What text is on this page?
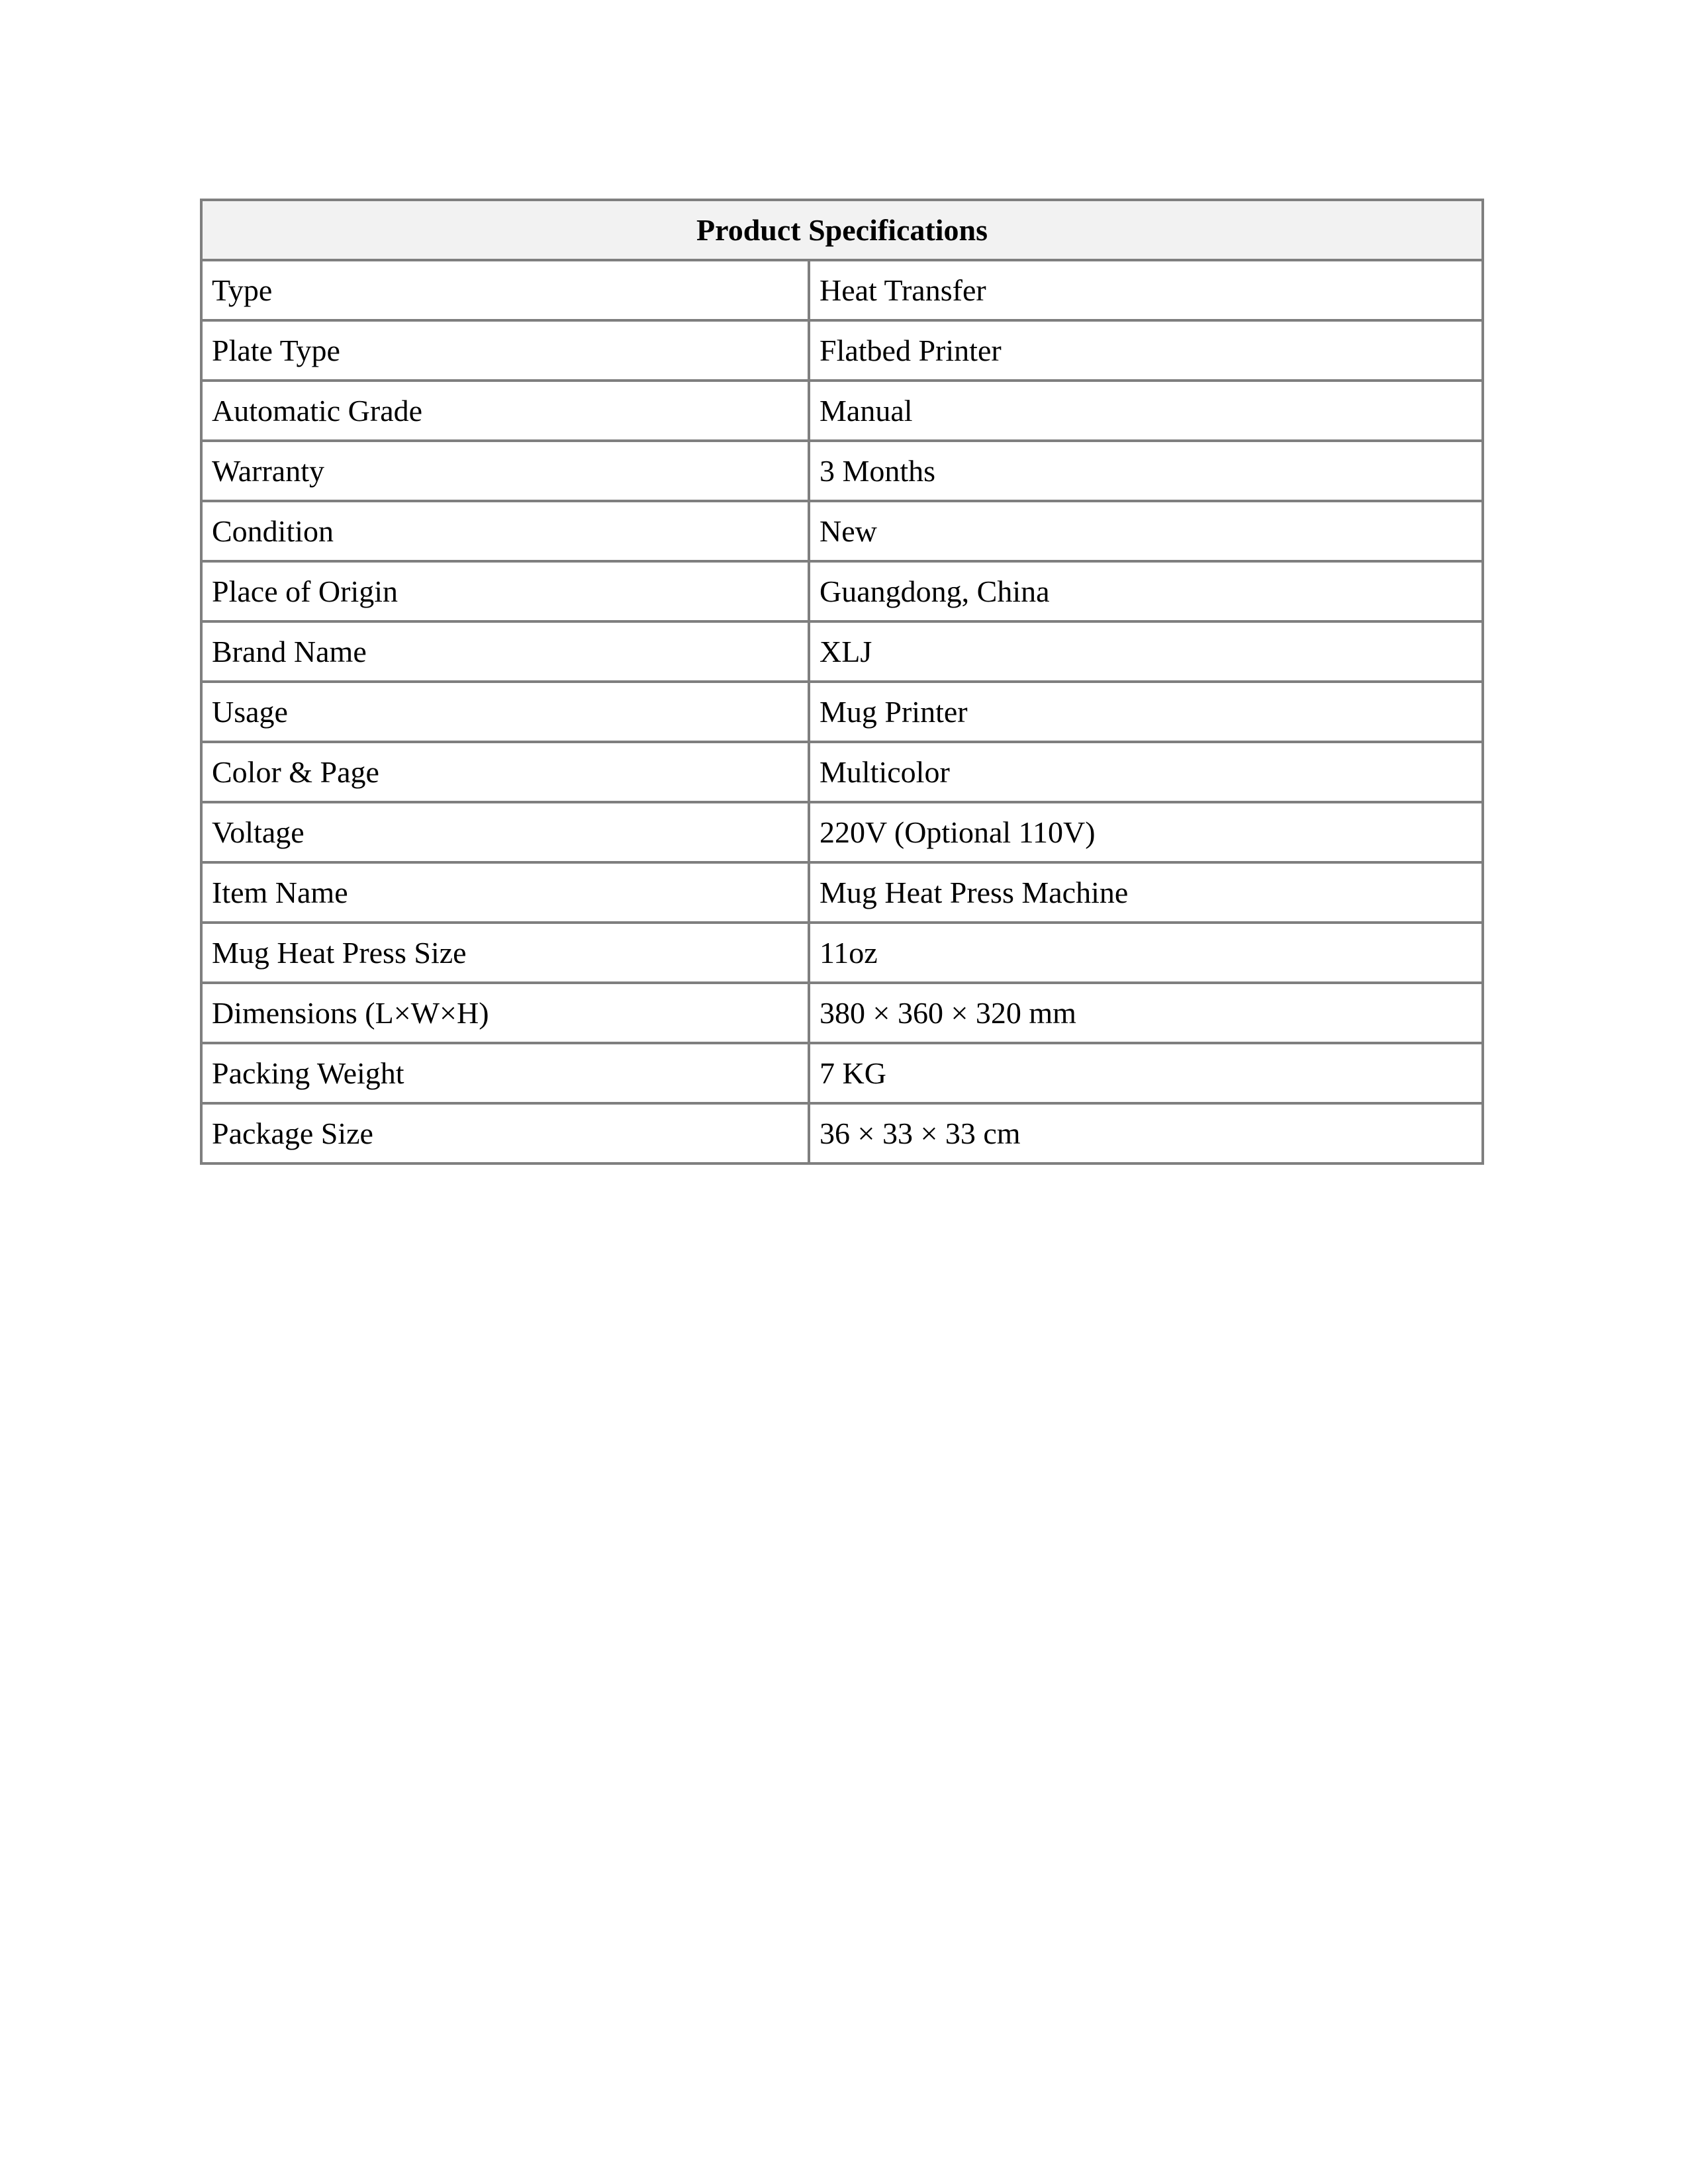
Product Specifications	
Type	Heat Transfer
Plate Type	Flatbed Printer
Automatic Grade	Manual
Warranty	3 Months
Condition	New
Place of Origin	Guangdong, China
Brand Name	XLJ
Usage	Mug Printer
Color & Page	Multicolor
Voltage	220V (Optional 110V)
Item Name	Mug Heat Press Machine
Mug Heat Press Size	11oz
Dimensions (L×W×H)	380 × 360 × 320 mm
Packing Weight	7 KG
Package Size	36 × 33 × 33 cm
